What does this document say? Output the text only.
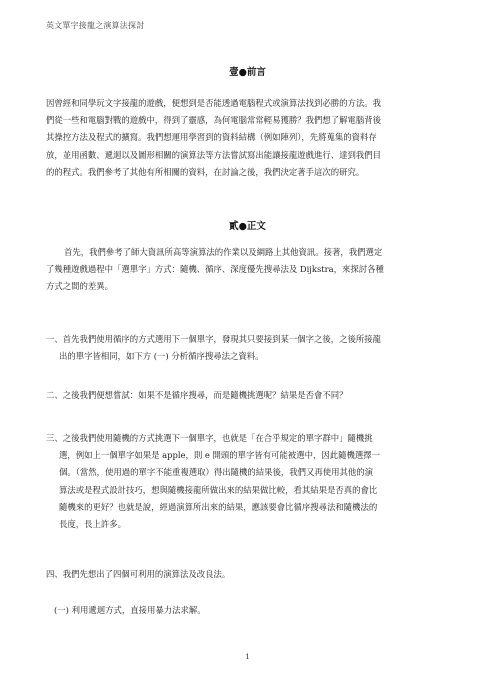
英文單字接龍之演算法探討
壹●前言
因曾經和同學玩文字接龍的遊戲，便想到是否能透過電腦程式或演算法找到必勝的方法。我
們從一些和電腦對戰的遊戲中，得到了靈感，為何電腦常常輕易獲勝？我們想了解電腦背後
其操控方法及程式的擴寫。我們想運用學習到的資料結構（例如陣列），先將蒐集的資料存
放，並用函數、遞迴以及圖形相關的演算法等方法嘗試寫出能讓接龍遊戲進行、達到我們目
的的程式。我們參考了其他有所相關的資料，在討論之後，我們決定著手這次的研究。
貳●正文
首先，我們參考了師大資訊所高等演算法的作業以及網路上其他資訊。接著，我們選定
了幾種遊戲過程中「選單字」方式：隨機、循序、深度優先搜尋法及 Dijkstra，來探討各種
方式之間的差異。
一、首先我們使用循序的方式選用下一個單字，發現其只要接到某一個字之後，之後所接龍
出的單字皆相同，如下方 (一) 分析循序搜尋法之資料。
二、之後我們便想嘗試：如果不是循序搜尋，而是隨機挑選呢？結果是否會不同？
三、之後我們使用隨機的方式挑選下一個單字，也就是「在合乎規定的單字群中」隨機挑
選，例如上一個單字如果是 apple，則 e 開頭的單字皆有可能被選中，因此隨機選擇一
個。（當然，使用過的單字不能重複選取）得出隨機的結果後，我們又再使用其他的演
算法或是程式設計技巧，想與隨機接龍所做出來的結果做比較，看其結果是否真的會比
隨機來的更好？也就是說，經過演算所出來的結果，應該要會比循序搜尋法和隨機法的
長度，長上許多。
四、我們先想出了四個可利用的演算法及改良法。
(一) 利用遞迴方式，直接用暴力法求解。
1
